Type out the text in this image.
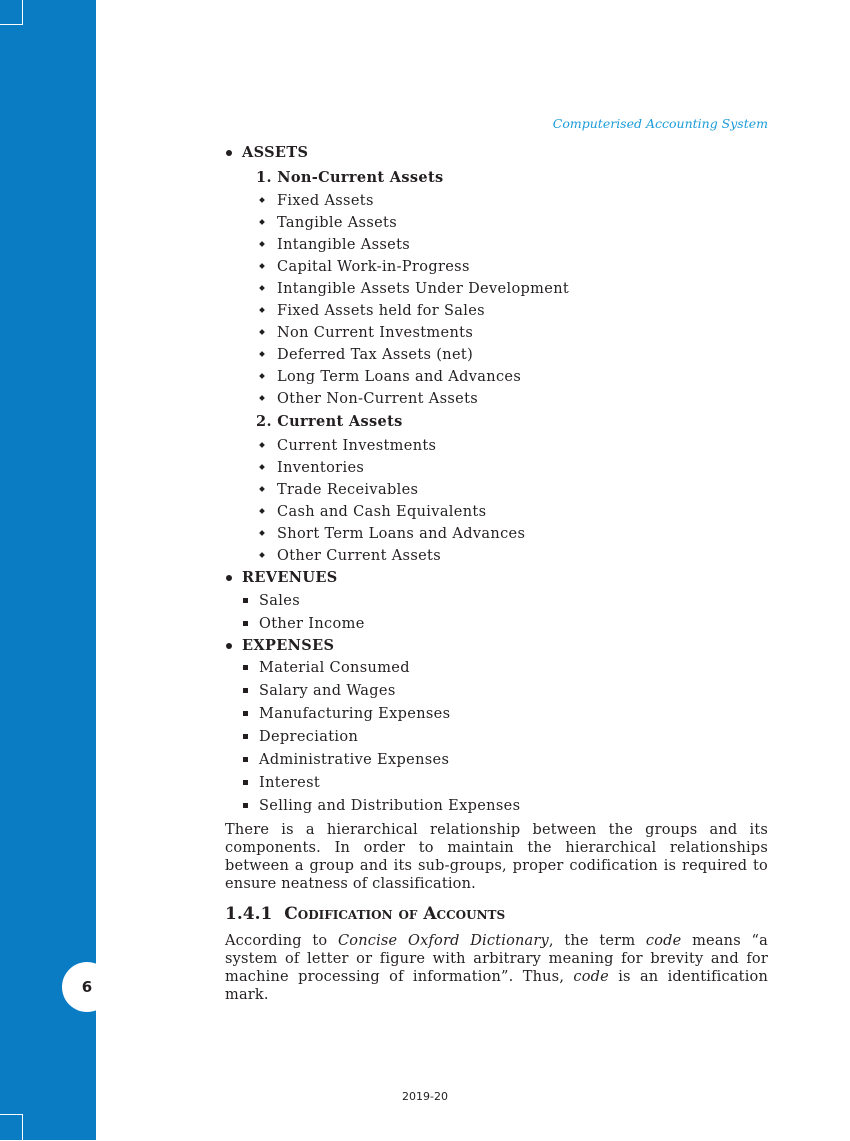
6
Computerised Accounting System
ASSETS
1. Non-Current Assets
Fixed Assets
Tangible Assets
Intangible Assets
Capital Work-in-Progress
Intangible Assets Under Development
Fixed Assets held for Sales
Non Current Investments
Deferred Tax Assets (net)
Long Term Loans and Advances
Other Non-Current Assets
2. Current Assets
Current Investments
Inventories
Trade Receivables
Cash and Cash Equivalents
Short Term Loans and Advances
Other Current Assets
REVENUES
Sales
Other Income
EXPENSES
Material Consumed
Salary and Wages
Manufacturing Expenses
Depreciation
Administrative Expenses
Interest
Selling and Distribution Expenses

There is a hierarchical relationship between the groups and its components. In order to maintain the hierarchical relationships between a group and its sub-groups, proper codification is required to ensure neatness of classification.

1.4.1 Codification of Accounts

According to Concise Oxford Dictionary, the term code means “a system of letter or figure with arbitrary meaning for brevity and for machine processing of information”. Thus, code is an identification mark.

2019-20
